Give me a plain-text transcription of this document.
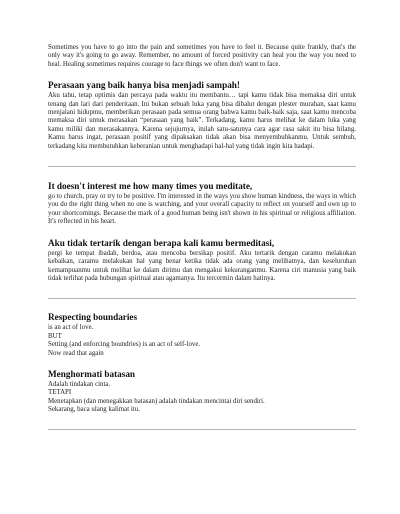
Sometimes you have to go into the pain and sometimes you have to feel it. Because quite frankly, that's the only way it's going to go away. Remember, no amount of forced positivity can heal you the way you need to heal. Healing sometimes requires courage to face things we often don't want to face.

Perasaan yang baik hanya bisa menjadi sampah!

Aku tahu, tetap optimis dan percaya pada waktu itu membantu… tapi kamu tidak bisa memaksa diri untuk tenang dan lari dari penderitaan. Ini bukan sebuah luka yang bisa dibalut dengan plester murahan, saat kamu menjalani hidupmu, memberikan perasaan pada semua orang bahwa kamu baik-baik saja, saat kamu mencoba memaksa diri untuk merasakan “perasaan yang baik”. Terkadang, kamu harus melihat ke dalam luka yang kamu miliki dan merasakannya. Karena sejujurnya, itulah satu-satunya cara agar rasa sakit itu bisa hilang. Kamu harus ingat, perasaan positif yang dipaksakan tidak akan bisa menyembuhkanmu. Untuk sembuh, terkadang kita membutuhkan keberanian untuk menghadapi hal-hal yang tidak ingin kita hadapi.

It doesn't interest me how many times you meditate,

go to church, pray or try to be positive. I'm interested in the ways you show human kindness, the ways in which you do the right thing when no one is watching, and your overall capacity to reflect on yourself and own up to your shortcomings. Because the mark of a good human being isn't shown in his spiritual or religious affiliation. It's reflected in his heart.

Aku tidak tertarik dengan berapa kali kamu bermeditasi,

pergi ke tempat ibadah, berdoa, atau mencoba bersikap positif. Aku tertarik dengan caramu melakukan kebaikan, caramu melakukan hal yang benar ketika tidak ada orang yang melihatnya, dan keseluruhan kemampuanmu untuk melihat ke dalam dirimu dan mengakui kekuranganmu. Karena ciri manusia yang baik tidak terlihat pada hubungan spiritual atau agamanya. Itu tercermin dalam hatinya.

Respecting boundaries
is an act of love.
BUT
Setting (and enforcing boundries) is an act of self-love.
Now read that again
Menghormati batasan
Adalah tindakan cinta.
TETAPI
Menetapkan (dan menegakkan batasan) adalah tindakan mencintai diri sendiri.
Sekarang, baca ulang kalimat itu.
